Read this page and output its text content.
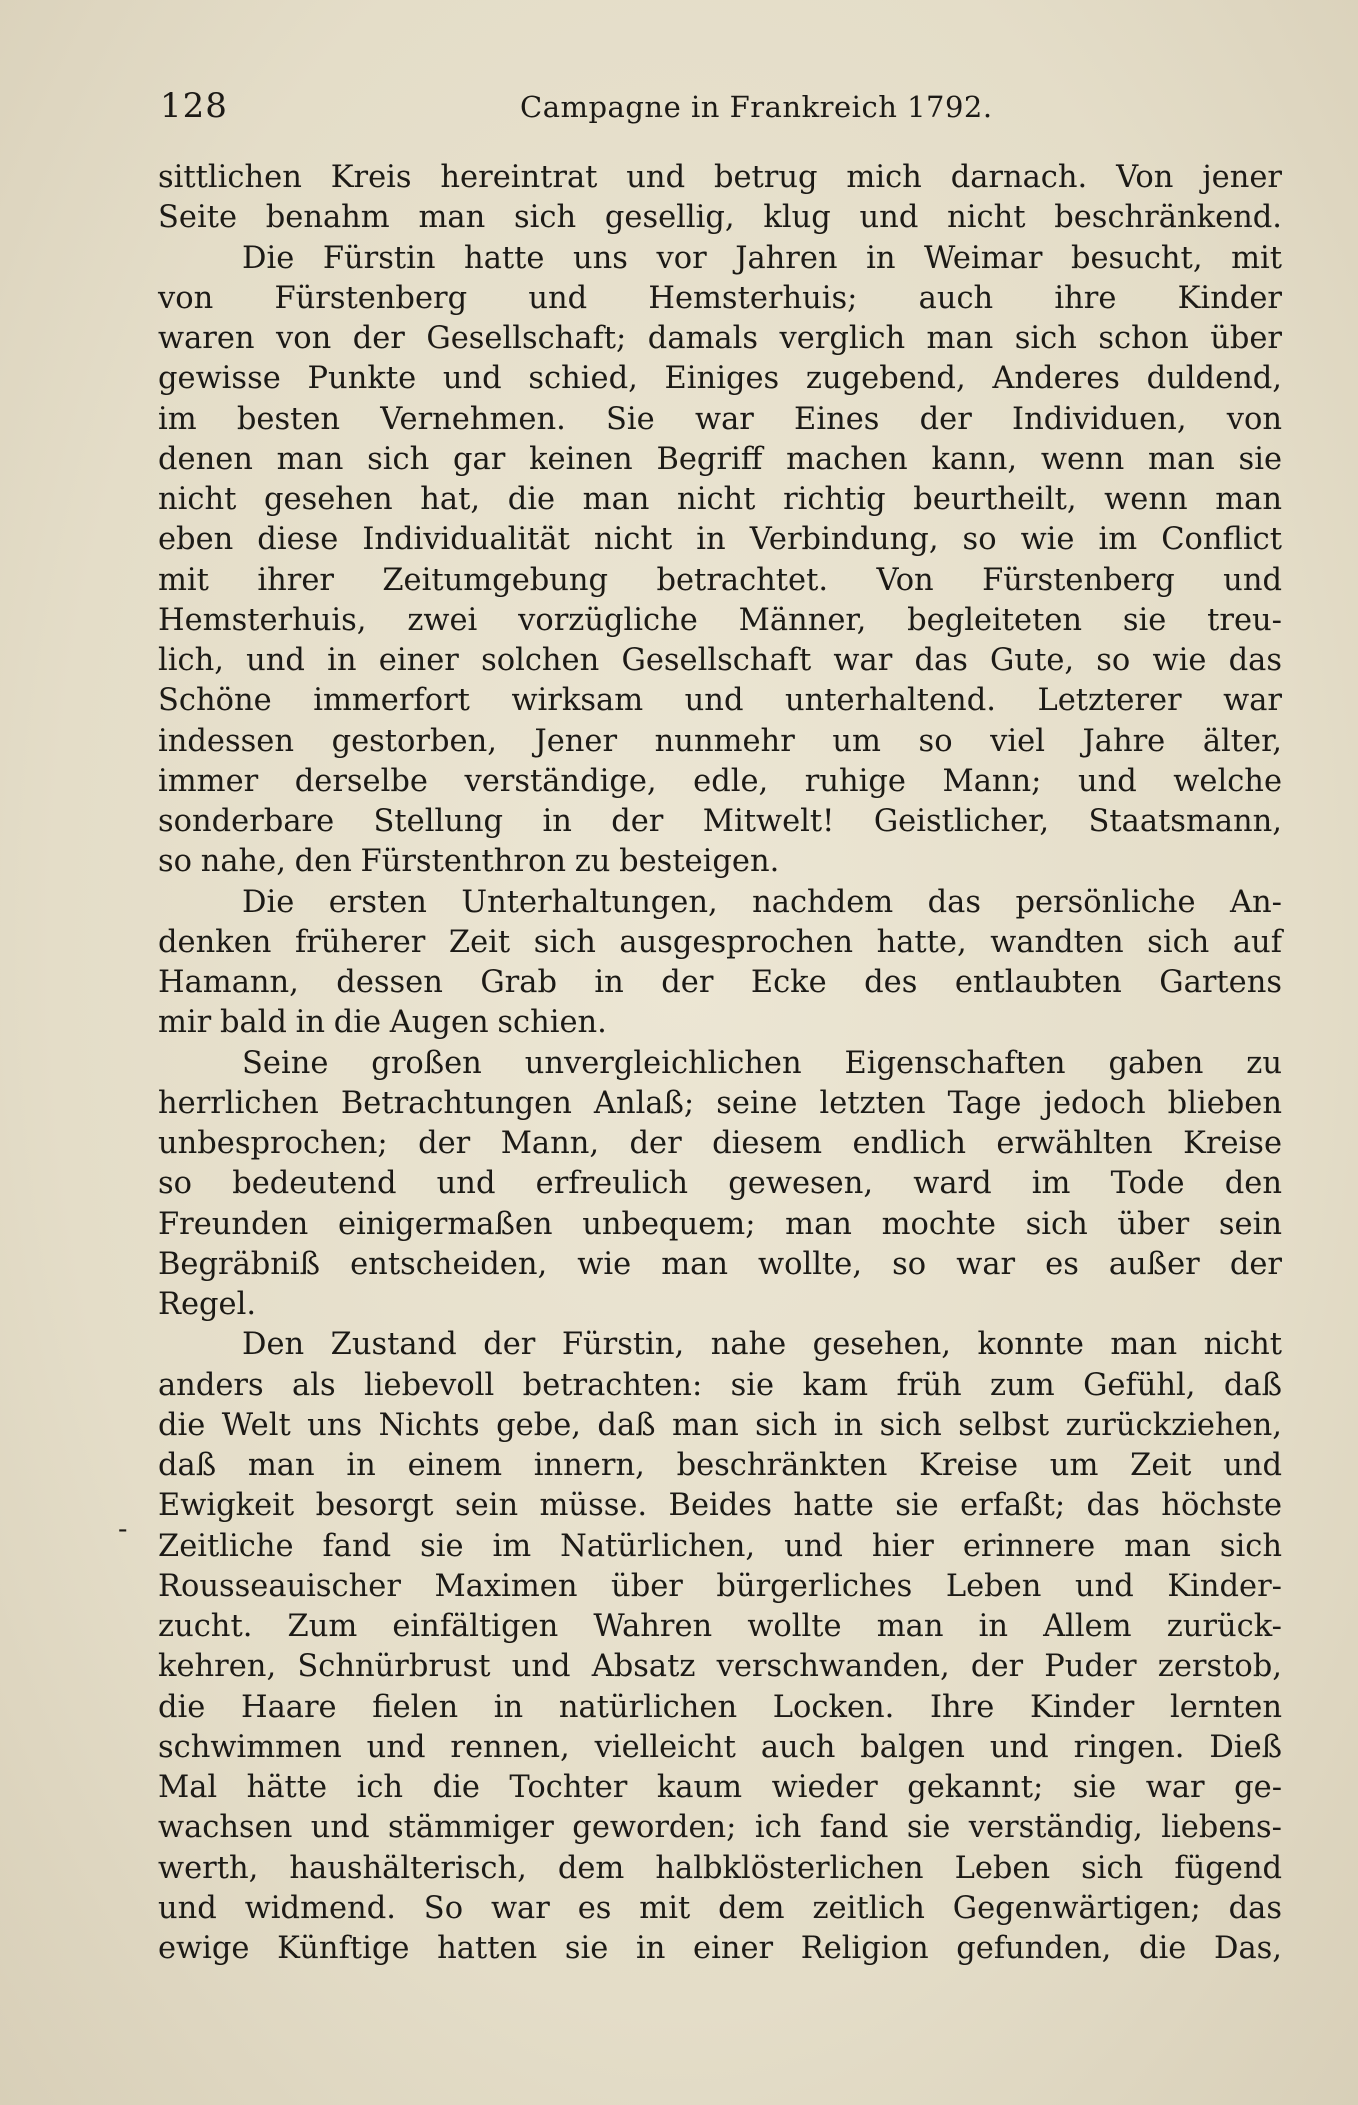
128	Campagne in Frankreich 1792.
-
sittlichen Kreis hereintrat und betrug mich darnach. Von jener
Seite benahm man sich gesellig, klug und nicht beschränkend.
Die Fürstin hatte uns vor Jahren in Weimar besucht, mit
von Fürstenberg und Hemsterhuis; auch ihre Kinder
waren von der Gesellschaft; damals verglich man sich schon über
gewisse Punkte und schied, Einiges zugebend, Anderes duldend,
im besten Vernehmen. Sie war Eines der Individuen, von
denen man sich gar keinen Begriff machen kann, wenn man sie
nicht gesehen hat, die man nicht richtig beurtheilt, wenn man
eben diese Individualität nicht in Verbindung, so wie im Conflict
mit ihrer Zeitumgebung betrachtet. Von Fürstenberg und
Hemsterhuis, zwei vorzügliche Männer, begleiteten sie treu-
lich, und in einer solchen Gesellschaft war das Gute, so wie das
Schöne immerfort wirksam und unterhaltend. Letzterer war
indessen gestorben, Jener nunmehr um so viel Jahre älter,
immer derselbe verständige, edle, ruhige Mann; und welche
sonderbare Stellung in der Mitwelt! Geistlicher, Staatsmann,
so nahe, den Fürstenthron zu besteigen.
Die ersten Unterhaltungen, nachdem das persönliche An-
denken früherer Zeit sich ausgesprochen hatte, wandten sich auf
Hamann, dessen Grab in der Ecke des entlaubten Gartens
mir bald in die Augen schien.
Seine großen unvergleichlichen Eigenschaften gaben zu
herrlichen Betrachtungen Anlaß; seine letzten Tage jedoch blieben
unbesprochen; der Mann, der diesem endlich erwählten Kreise
so bedeutend und erfreulich gewesen, ward im Tode den
Freunden einigermaßen unbequem; man mochte sich über sein
Begräbniß entscheiden, wie man wollte, so war es außer der
Regel.
Den Zustand der Fürstin, nahe gesehen, konnte man nicht
anders als liebevoll betrachten: sie kam früh zum Gefühl, daß
die Welt uns Nichts gebe, daß man sich in sich selbst zurückziehen,
daß man in einem innern, beschränkten Kreise um Zeit und
Ewigkeit besorgt sein müsse. Beides hatte sie erfaßt; das höchste
Zeitliche fand sie im Natürlichen, und hier erinnere man sich
Rousseauischer Maximen über bürgerliches Leben und Kinder-
zucht. Zum einfältigen Wahren wollte man in Allem zurück-
kehren, Schnürbrust und Absatz verschwanden, der Puder zerstob,
die Haare fielen in natürlichen Locken. Ihre Kinder lernten
schwimmen und rennen, vielleicht auch balgen und ringen. Dieß
Mal hätte ich die Tochter kaum wieder gekannt; sie war ge-
wachsen und stämmiger geworden; ich fand sie verständig, liebens-
werth, haushälterisch, dem halbklösterlichen Leben sich fügend
und widmend. So war es mit dem zeitlich Gegenwärtigen; das
ewige Künftige hatten sie in einer Religion gefunden, die Das,
